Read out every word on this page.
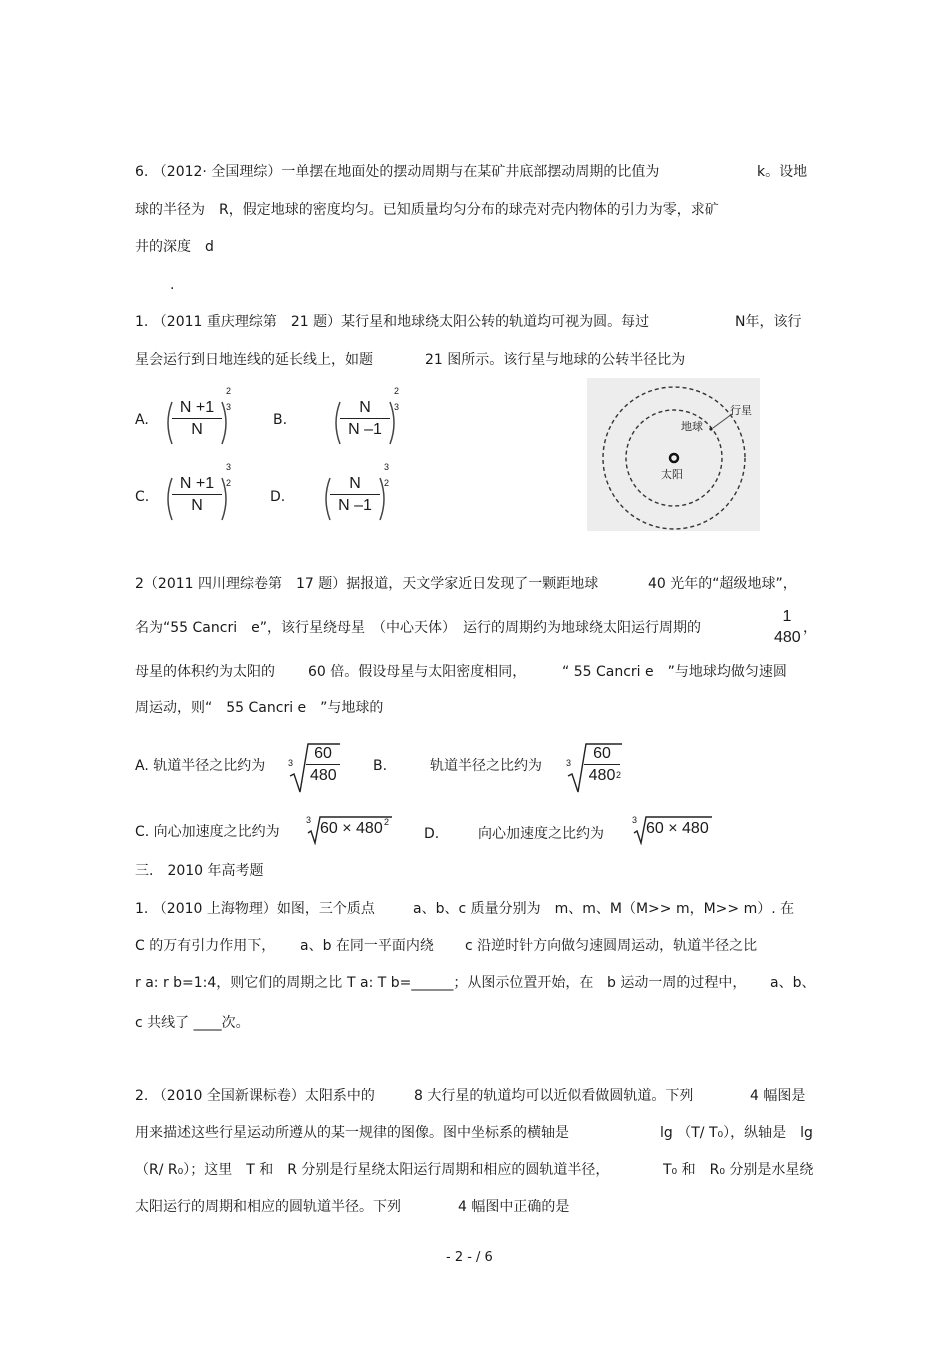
6. （2012· 全国理综）一单摆在地面处的摆动周期与在某矿井底部摆动周期的比值为	k。设地
球的半径为　R，假定地球的密度均匀。已知质量均匀分布的球壳对壳内物体的引力为零，求矿
井的深度　d
.
1. （2011 重庆理综第　21 题）某行星和地球绕太阳公转的轨道均可视为圆。每过	N年，该行
星会运行到日地连线的延长线上，如题	21 图所示。该行星与地球的公转半径比为
A. $\frac{N +1}{N}$
2
3
B.	$\frac{N}{N -1}$
2
3
C. $\frac{N +1}{N}$
3
2
D.	$\frac{N}{N -1}$
3
2
行星
地球
太阳
2（2011 四川理综卷第　17 题）据报道，天文学家近日发现了一颗距地球	40 光年的“超级地球”，
名为“55 Cancri　e”，该行星绕母星　（中心天体）　运行的周期约为地球绕太阳运行周期的
1
480
，
母星的体积约为太阳的 60 倍。假设母星与太阳密度相同，	“ 55 Cancri e　”与地球均做匀速圆
周运动，则“　55 Cancri e　”与地球的
A. 轨道半径之比约为	$3 \frac{60}{480} B$.	轨道半径之比约为	$3 \frac{60}{480}$
2
C. 向心加速度之比约为
3 60 × 480 2
D.	向心加速度之比约为
3 60 × 480
三.　2010 年高考题
1. （2010 上海物理）如图，三个质点	a、b、c 质量分别为　m、m、M（M>> m，M>> m）. 在
C 的万有引力作用下， a、b 在同一平面内绕 c 沿逆时针方向做匀速圆周运动，轨道半径之比
r a: r b=1:4，则它们的周期之比 T a: T b=______；从图示位置开始，在 b 运动一周的过程中， a、b、
c 共线了 ____次。
2. （2010 全国新课标卷）太阳系中的	8 大行星的轨道均可以近似看做圆轨道。下列	4 幅图是
用来描述这些行星运动所遵从的某一规律的图像。图中坐标系的横轴是	lg （T/ T₀），纵轴是　lg
（R/ R₀）；这里　T 和　R 分别是行星绕太阳运行周期和相应的圆轨道半径，	T₀ 和　R₀ 分别是水星绕
太阳运行的周期和相应的圆轨道半径。下列	4 幅图中正确的是
- 2 - / 6
